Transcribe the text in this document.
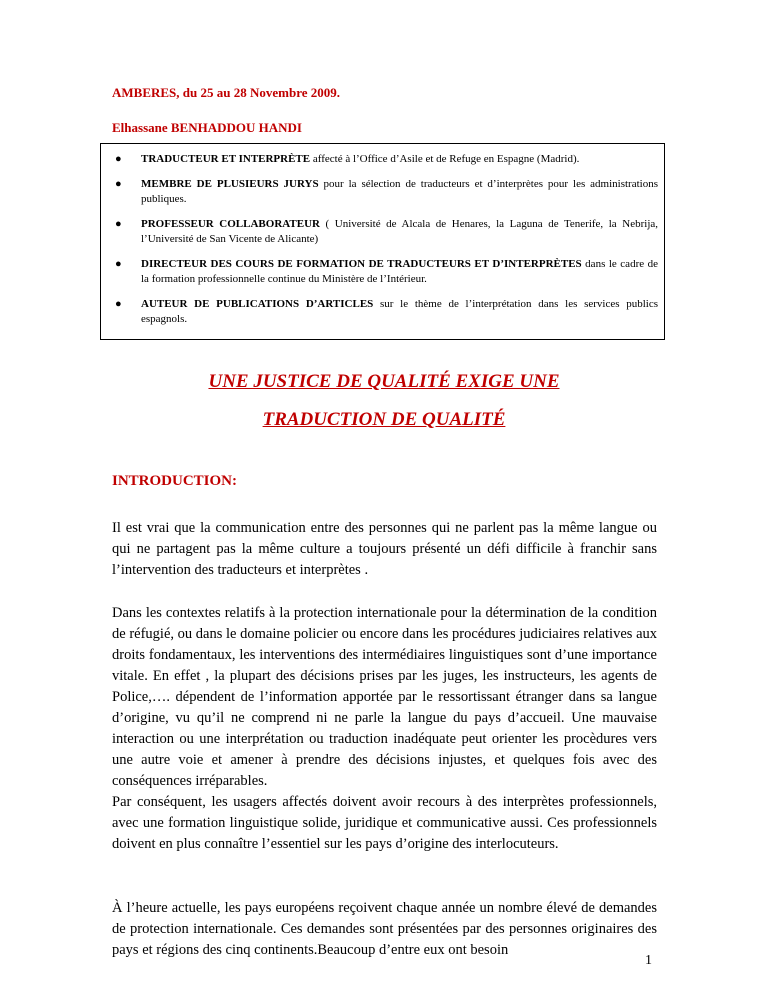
AMBERES, du 25 au 28 Novembre 2009.
Elhassane BENHADDOU HANDI
● TRADUCTEUR ET INTERPRÈTE affecté à l’Office d’Asile et de Refuge en Espagne (Madrid).
● MEMBRE DE PLUSIEURS JURYS pour la sélection de traducteurs et d’interprètes pour les administrations publiques.
● PROFESSEUR COLLABORATEUR ( Université de Alcala de Henares, la Laguna de Tenerife, la Nebrija, l’Université de San Vicente de Alicante)
● DIRECTEUR DES COURS DE FORMATION DE TRADUCTEURS ET D’INTERPRÈTES dans le cadre de la formation professionnelle continue du Ministère de l’Intérieur.
● AUTEUR DE PUBLICATIONS D’ARTICLES sur le thème de l’interprétation dans les services publics espagnols.
UNE JUSTICE DE QUALITÉ EXIGE UNE
TRADUCTION DE QUALITÉ
INTRODUCTION:

Il est vrai que la communication entre des personnes qui ne parlent pas la même langue ou qui ne partagent pas la même culture a toujours présenté un défi difficile à franchir sans l’intervention des traducteurs et interprètes .

Dans les contextes relatifs à la protection internationale pour la détermination de la condition de réfugié, ou dans le domaine policier ou encore dans les procédures judiciaires relatives aux droits fondamentaux, les interventions des intermédiaires linguistiques sont d’une importance vitale. En effet , la plupart des décisions prises par les juges, les instructeurs, les agents de Police,…. dépendent de l’information apportée par le ressortissant étranger dans sa langue d’origine, vu qu’il ne comprend ni ne parle la langue du pays d’accueil. Une mauvaise interaction ou une interprétation ou traduction inadéquate peut orienter les procèdures vers une autre voie et amener à prendre des décisions injustes, et quelques fois avec des conséquences irréparables.

Par conséquent, les usagers affectés doivent avoir recours à des interprètes professionnels, avec une formation linguistique solide, juridique et communicative aussi. Ces professionnels doivent en plus connaître l’essentiel sur les pays d’origine des interlocuteurs.

À l’heure actuelle, les pays européens reçoivent chaque année un nombre élevé de demandes de protection internationale. Ces demandes sont présentées par des personnes originaires des pays et régions des cinq continents.Beaucoup d’entre eux ont besoin

1
